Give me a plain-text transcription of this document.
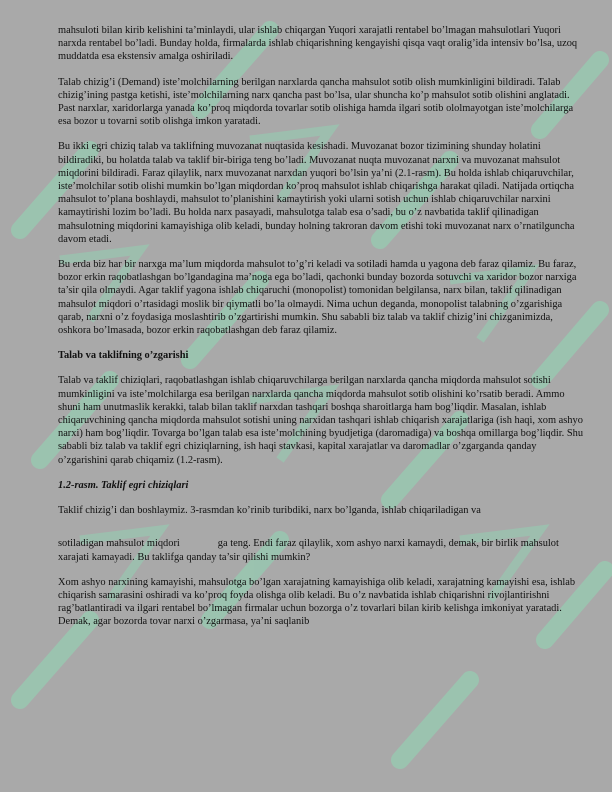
mahsuloti bilan kirib kelishini ta’minlaydi, ular ishlab chiqargan Yuqori xarajatli rentabel bo’lmagan mahsulotlari Yuqori narxda rentabel bo’ladi. Bunday holda, firmalarda ishlab chiqarishning kengayishi qisqa vaqt oralig’ida intensiv bo’lsa, uzoq muddatda esa ekstensiv amalga oshiriladi.

Talab chizig’i (Demand) iste’molchilarning berilgan narxlarda qancha mahsulot sotib olish mumkinligini bildiradi. Talab chizig’ining pastga ketishi, iste’molchilarning narx qancha past bo’lsa, ular shuncha ko’p mahsulot sotib olishini anglatadi. Past narxlar, xaridorlarga yanada ko’proq miqdorda tovarlar sotib olishiga hamda ilgari sotib ololmayotgan iste’molchilarga esa bozor u tovarni sotib olishga imkon yaratadi.

Bu ikki egri chiziq talab va taklifning muvozanat nuqtasida kesishadi. Muvozanat bozor tizimining shunday holatini bildiradiki, bu holatda talab va taklif bir-biriga teng bo’ladi. Muvozanat nuqta muvozanat narxni va muvozanat mahsulot miqdorini bildiradi. Faraz qilaylik, narx muvozanat narxdan yuqori bo’lsin ya’ni (2.1-rasm). Bu holda ishlab chiqaruvchilar, iste’molchilar sotib olishi mumkin bo’lgan miqdordan ko’proq mahsulot ishlab chiqarishga harakat qiladi. Natijada ortiqcha mahsulot to’plana boshlaydi, mahsulot to’planishini kamaytirish yoki ularni sotish uchun ishlab chiqaruvchilar narxini kamaytirishi lozim bo’ladi. Bu holda narx pasayadi, mahsulotga talab esa o’sadi, bu o’z navbatida taklif qilinadigan mahsulotning miqdorini kamayishiga olib keladi, bunday holning takroran davom etishi toki muvozanat narx o’rnatilguncha davom etadi.

Bu erda biz har bir narxga ma’lum miqdorda mahsulot to’g’ri keladi va sotiladi hamda u yagona deb faraz qilamiz. Bu faraz, bozor erkin raqobatlashgan bo’lgandagina ma’noga ega bo’ladi, qachonki bunday bozorda sotuvchi va xaridor bozor narxiga ta’sir qila olmaydi. Agar taklif yagona ishlab chiqaruchi (monopolist) tomonidan belgilansa, narx bilan, taklif qilinadigan mahsulot miqdori o’rtasidagi moslik bir qiymatli bo’la olmaydi. Nima uchun deganda, monopolist talabning o’zgarishiga qarab, narxni o’z foydasiga moslashtirib o’zgartirishi mumkin. Shu sababli biz talab va taklif chizig’ini chizganimizda, oshkora bo’lmasada, bozor erkin raqobatlashgan deb faraz qilamiz.

Talab va taklifning o’zgarishi

Talab va taklif chiziqlari, raqobatlashgan ishlab chiqaruvchilarga berilgan narxlarda qancha miqdorda mahsulot sotishi mumkinligini va iste’molchilarga esa berilgan narxlarda qancha miqdorda mahsulot sotib olishini ko’rsatib beradi. Ammo shuni ham unutmaslik kerakki, talab bilan taklif narxdan tashqari boshqa sharoitlarga ham bog’liqdir. Masalan, ishlab chiqaruvchining qancha miqdorda mahsulot sotishi uning narxidan tashqari ishlab chiqarish xarajatlariga (ish haqi, xom ashyo narxi) ham bog’liqdir. Tovarga bo’lgan talab esa iste’molchining byudjetiga (daromadiga) va boshqa omillarga bog’liqdir. Shu sababli biz talab va taklif egri chiziqlarning, ish haqi stavkasi, kapital xarajatlar va daromadlar o’zgarganda qanday o’zgarishini qarab chiqamiz (1.2-rasm).

1.2-rasm. Taklif egri chiziqlari

Taklif chizig’i dan boshlaymiz. 3-rasmdan ko’rinib turibdiki, narx bo’lganda, ishlab chiqariladigan va

sotiladigan mahsulot miqdori	ga teng. Endi faraz qilaylik, xom ashyo narxi kamaydi, demak, bir birlik mahsulot xarajati kamayadi. Bu taklifga qanday ta’sir qilishi mumkin?

Xom ashyo narxining kamayishi, mahsulotga bo’lgan xarajatning kamayishiga olib keladi, xarajatning kamayishi esa, ishlab chiqarish samarasini oshiradi va ko’proq foyda olishga olib keladi. Bu o’z navbatida ishlab chiqarishni rivojlantirishni rag’batlantiradi va ilgari rentabel bo’lmagan firmalar uchun bozorga o’z tovarlari bilan kirib kelishga imkoniyat yaratadi. Demak, agar bozorda tovar narxi o’zgarmasa, ya’ni saqlanib
